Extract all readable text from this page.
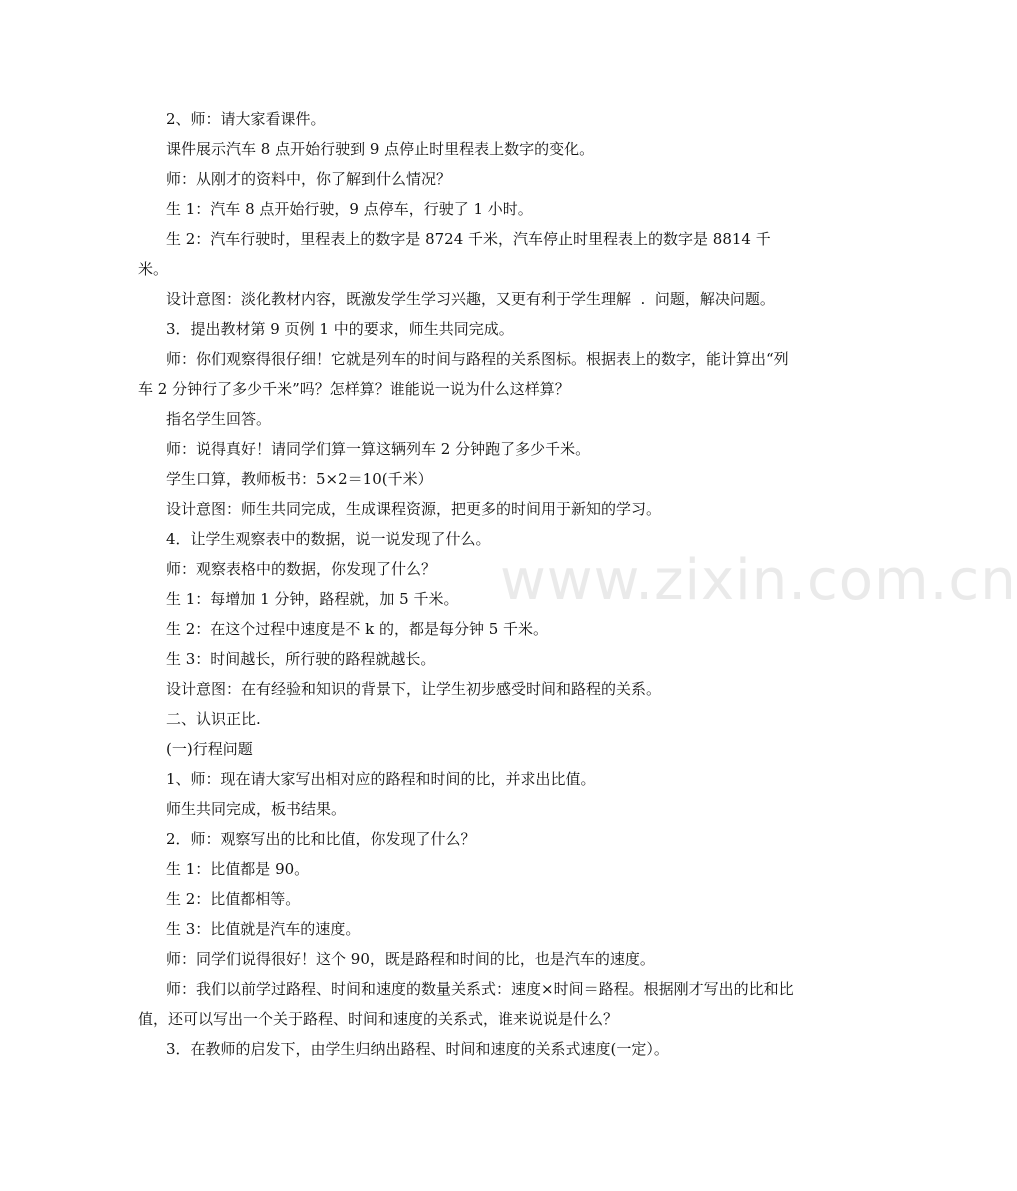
2、师：请大家看课件。

课件展示汽车 8 点开始行驶到 9 点停止时里程表上数字的变化。

师：从刚才的资料中，你了解到什么情况？

生 1：汽车 8 点开始行驶，9 点停车，行驶了 1 小时。

生 2：汽车行驶时，里程表上的数字是 8724 千米，汽车停止时里程表上的数字是 8814 千米。

设计意图：淡化教材内容，既激发学生学习兴趣，又更有利于学生理解  .  问题，解决问题。

3．提出教材第 9 页例 1 中的要求，师生共同完成。

师：你们观察得很仔细！它就是列车的时间与路程的关系图标。根据表上的数字，能计算出“列车 2 分钟行了多少千米”吗？怎样算？谁能说一说为什么这样算？

指名学生回答。

师：说得真好！请同学们算一算这辆列车 2 分钟跑了多少千米。

学生口算，教师板书：5×2＝10(千米）

设计意图：师生共同完成，生成课程资源，把更多的时间用于新知的学习。

4．让学生观察表中的数据，说一说发现了什么。

师：观察表格中的数据，你发现了什么？

生 1：每增加 1 分钟，路程就，加 5 千米。

生 2：在这个过程中速度是不 k 的，都是每分钟 5 千米。

生 3：时间越长，所行驶的路程就越长。

设计意图：在有经验和知识的背景下，让学生初步感受时间和路程的关系。

二、认识正比.

(一)行程问题

1、师：现在请大家写出相对应的路程和时间的比，并求出比值。

师生共同完成，板书结果。

2．师：观察写出的比和比值，你发现了什么？

生 1：比值都是 90。

生 2：比值都相等。

生 3：比值就是汽车的速度。

师：同学们说得很好！这个 90，既是路程和时间的比，也是汽车的速度。

师：我们以前学过路程、时间和速度的数量关系式：速度×时间＝路程。根据刚才写出的比和比值，还可以写出一个关于路程、时间和速度的关系式，谁来说说是什么？

3．在教师的启发下，由学生归纳出路程、时间和速度的关系式速度(一定）。

www.zixin.com.cn
